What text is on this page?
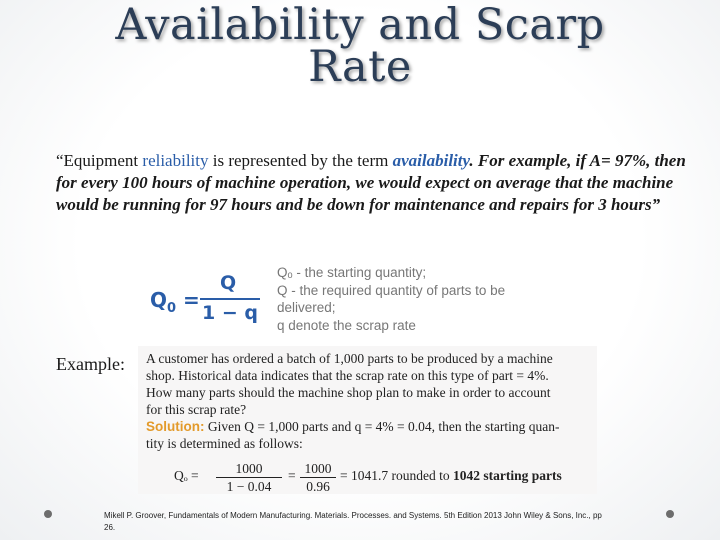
Availability and Scarp
Rate
“Equipment reliability is represented by the term availability. For example, if A= 97%, then for every 100 hours of machine operation, we would expect on average that the machine would be running for 97 hours and be down for maintenance and repairs for 3 hours”
$Q_0$ =
Q
1 − q
Qₒ - the starting quantity;
Q - the required quantity of parts to be
delivered;
q denote the scrap rate
Example: A customer has ordered a batch of 1,000 parts to be produced by a machine
shop. Historical data indicates that the scrap rate on this type of part = 4%.
How many parts should the machine shop plan to make in order to account
for this scrap rate?
Solution: Given Q = 1,000 parts and q = 4% = 0.04, then the starting quan-
tity is determined as follows:
$Q_o = \frac{1000}{1 - 0.04} = \frac{1000}{0.96} = 1041.7$ rounded to 1042 starting parts
Mikell P. Groover, Fundamentals of Modern Manufacturing. Materials. Processes. and Systems. 5th Edition 2013 John Wiley & Sons, Inc., pp 26.
